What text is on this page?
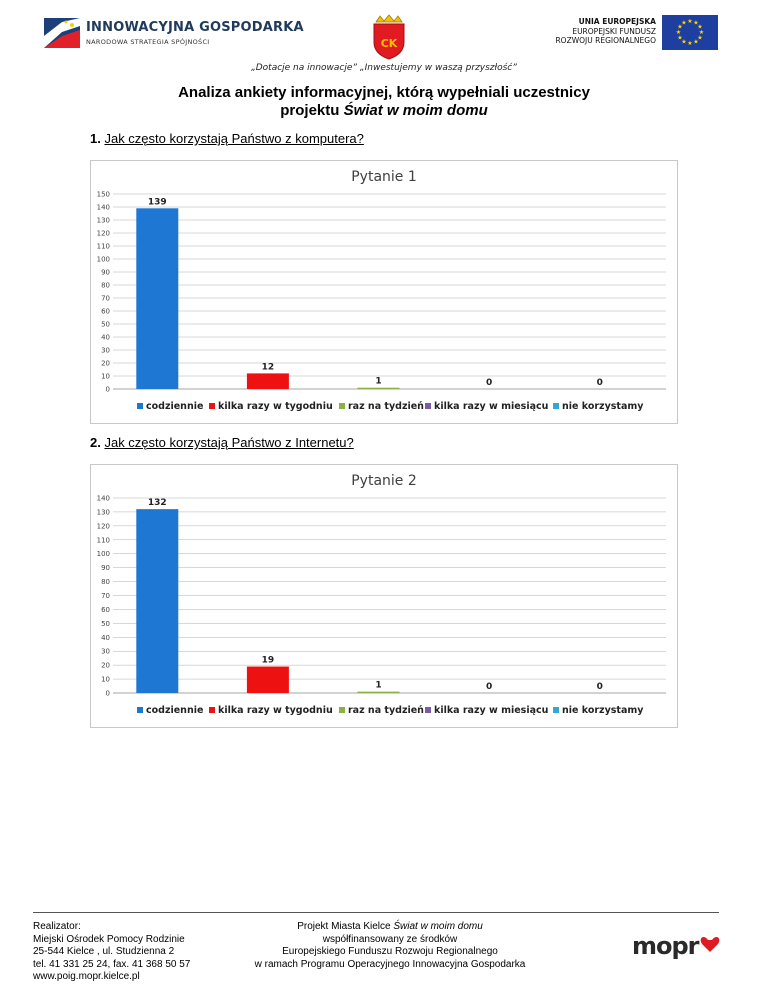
INNOWACYJNA GOSPODARKA
NARODOWA STRATEGIA SPÓJNOŚCI	CK
UNIA EUROPEJSKA
EUROPEJSKI FUNDUSZ
ROZWOJU REGIONALNEGO
★ ★
★
★
★
★
★
★
★
★
★
★
„Dotacje na innowacje” „Inwestujemy w waszą przyszłość”
Analiza ankiety informacyjnej, którą wypełniali uczestnicy
projektu Świat w moim domu
1. Jak często korzystają Państwo z komputera?
Pytanie 1
0
10
20
30
40
50
60
70
80
90
100
110
120
130
140
150
139
12
1	0	0
codziennie kilka razy w tygodniu raz na tydzień kilka razy w miesiącu nie korzystamy
2. Jak często korzystają Państwo z Internetu?
Pytanie 2
0
10
20
30
40
50
60
70
80
90
100
110
120
130
140	132
19
1	0	0
codziennie kilka razy w tygodniu raz na tydzień kilka razy w miesiącu nie korzystamy
Realizator:
Miejski Ośrodek Pomocy Rodzinie
25-544 Kielce , ul. Studzienna 2
tel. 41 331 25 24, fax. 41 368 50 57
www.poig.mopr.kielce.pl
Projekt Miasta Kielce Świat w moim domu
współfinansowany ze środków
Europejskiego Funduszu Rozwoju Regionalnego
w ramach Programu Operacyjnego Innowacyjna Gospodarka
mopr
